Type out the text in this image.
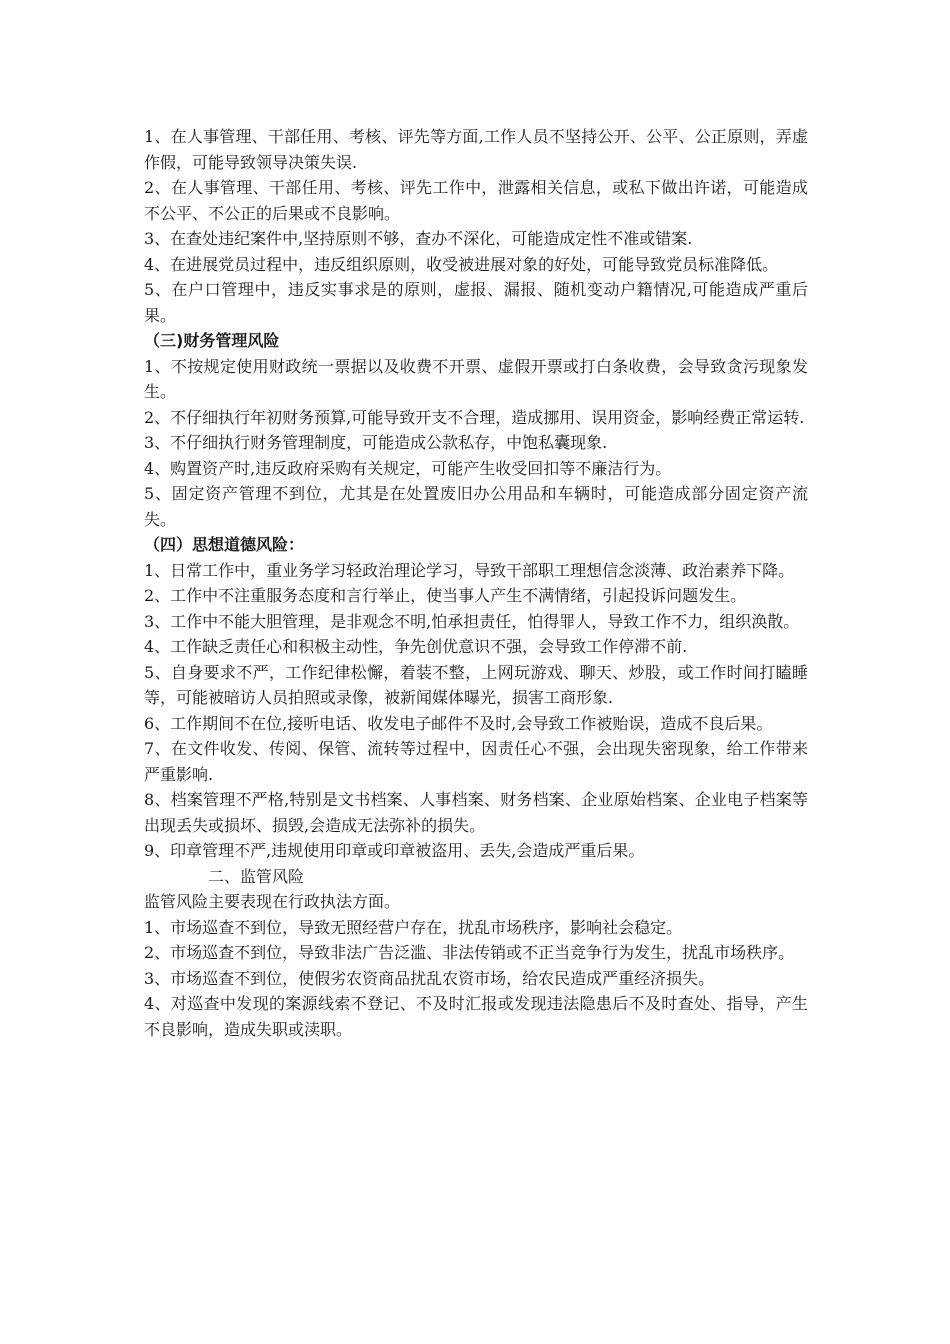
1、在人事管理、干部任用、考核、评先等方面,工作人员不坚持公开、公平、公正原则，弄虚作假，可能导致领导决策失误.

2、在人事管理、干部任用、考核、评先工作中，泄露相关信息，或私下做出许诺，可能造成不公平、不公正的后果或不良影响。

3、在查处违纪案件中,坚持原则不够，查办不深化，可能造成定性不准或错案.

4、在进展党员过程中，违反组织原则，收受被进展对象的好处，可能导致党员标准降低。

5、在户口管理中，违反实事求是的原则，虚报、漏报、随机变动户籍情况,可能造成严重后果。

（三)财务管理风险

1、不按规定使用财政统一票据以及收费不开票、虚假开票或打白条收费，会导致贪污现象发生。

2、不仔细执行年初财务预算,可能导致开支不合理，造成挪用、误用资金，影响经费正常运转.

3、不仔细执行财务管理制度，可能造成公款私存，中饱私囊现象.

4、购置资产时,违反政府采购有关规定，可能产生收受回扣等不廉洁行为。

5、固定资产管理不到位，尤其是在处置废旧办公用品和车辆时，可能造成部分固定资产流失。

（四）思想道德风险：

1、日常工作中，重业务学习轻政治理论学习，导致干部职工理想信念淡薄、政治素养下降。

2、工作中不注重服务态度和言行举止，使当事人产生不满情绪，引起投诉问题发生。

3、工作中不能大胆管理，是非观念不明,怕承担责任，怕得罪人，导致工作不力，组织涣散。

4、工作缺乏责任心和积极主动性，争先创优意识不强，会导致工作停滞不前.

5、自身要求不严，工作纪律松懈，着装不整，上网玩游戏、聊天、炒股，或工作时间打瞌睡等，可能被暗访人员拍照或录像，被新闻媒体曝光，损害工商形象.

6、工作期间不在位,接听电话、收发电子邮件不及时,会导致工作被贻误，造成不良后果。

7、在文件收发、传阅、保管、流转等过程中，因责任心不强，会出现失密现象，给工作带来严重影响.

8、档案管理不严格,特别是文书档案、人事档案、财务档案、企业原始档案、企业电子档案等出现丢失或损坏、损毁,会造成无法弥补的损失。

9、印章管理不严,违规使用印章或印章被盗用、丢失,会造成严重后果。

二、监管风险

监管风险主要表现在行政执法方面。

1、市场巡查不到位，导致无照经营户存在，扰乱市场秩序，影响社会稳定。

2、市场巡查不到位，导致非法广告泛滥、非法传销或不正当竞争行为发生，扰乱市场秩序。

3、市场巡查不到位，使假劣农资商品扰乱农资市场，给农民造成严重经济损失。

4、对巡查中发现的案源线索不登记、不及时汇报或发现违法隐患后不及时查处、指导，产生不良影响，造成失职或渎职。
